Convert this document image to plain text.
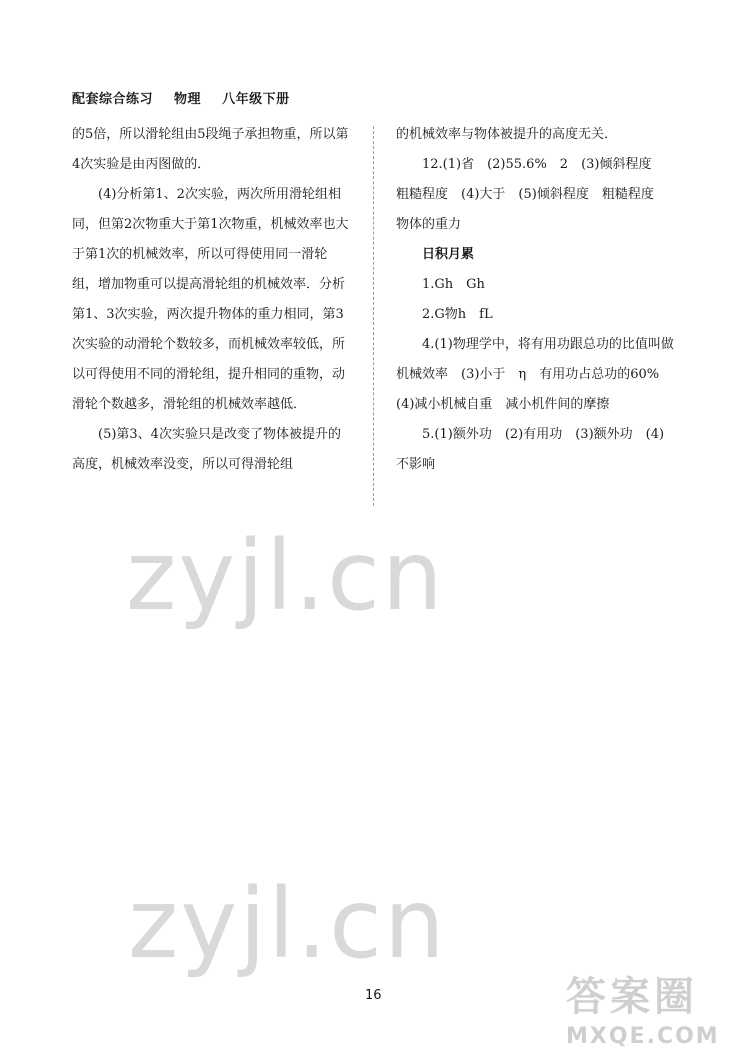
配套综合练习 物理 八年级下册

的5倍，所以滑轮组由5段绳子承担物重，所以第4次实验是由丙图做的．

(4)分析第1、2次实验，两次所用滑轮组相同，但第2次物重大于第1次物重，机械效率也大于第1次的机械效率，所以可得使用同一滑轮组，增加物重可以提高滑轮组的机械效率．分析第1、3次实验，两次提升物体的重力相同，第3次实验的动滑轮个数较多，而机械效率较低，所以可得使用不同的滑轮组，提升相同的重物，动滑轮个数越多，滑轮组的机械效率越低．

(5)第3、4次实验只是改变了物体被提升的高度，机械效率没变，所以可得滑轮组

的机械效率与物体被提升的高度无关．

12.(1)省　(2)55.6%　2　(3)倾斜程度　粗糙程度　(4)大于　(5)倾斜程度　粗糙程度　物体的重力

日积月累

1.Gh　Gh

2.G物h　fL

4.(1)物理学中，将有用功跟总功的比值叫做机械效率　(3)小于　η　有用功占总功的60%　(4)减小机械自重　减小机件间的摩擦

5.(1)额外功　(2)有用功　(3)额外功　(4)不影响

zyjl.cn
zyjl.cn
16	答案圈
MXQE.COM
